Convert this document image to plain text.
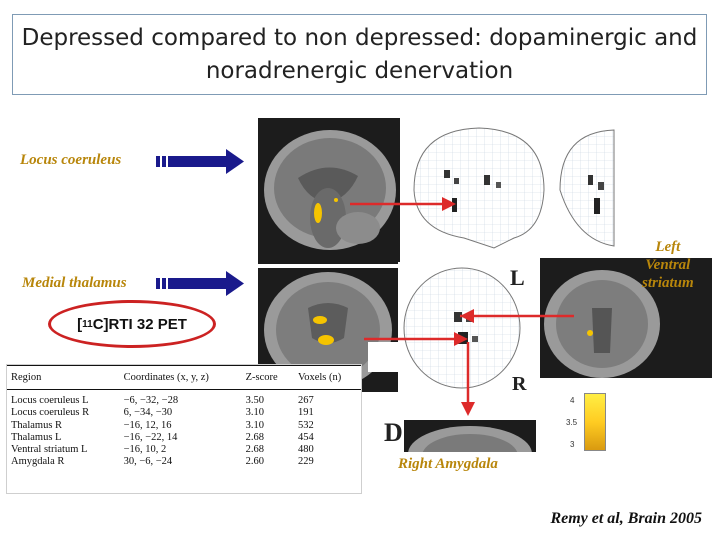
Depressed compared to non depressed: dopaminergic and
noradrenergic denervation
Locus coeruleus
Medial thalamus
Left
Ventral
striatum
L
R
D
4
3.5
3
Right Amygdala
[ 11 C]RTI 32 PET
Region	Coordinates (x, y, z)	Z-score	Voxels (n)
Locus coeruleus L	−6, −32, −28	3.50	267
Locus coeruleus R	6, −34, −30	3.10	191
Thalamus R	−16, 12, 16	3.10	532
Thalamus L	−16, −22, 14	2.68	454
Ventral striatum L	−16, 10, 2	2.68	480
Amygdala R	30, −6, −24	2.60	229
Remy et al, Brain 2005
